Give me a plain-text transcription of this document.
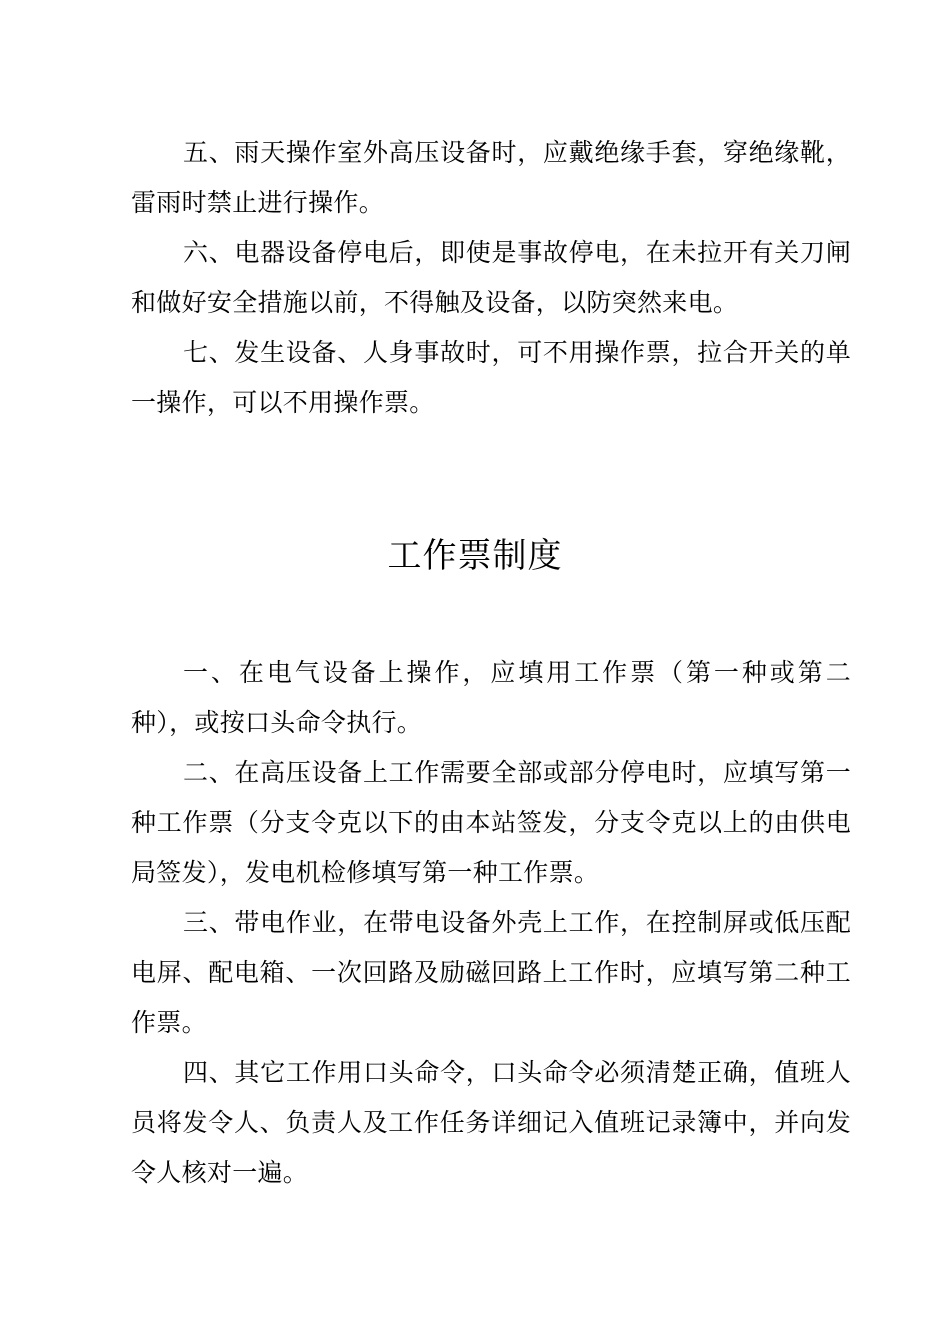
五、雨天操作室外高压设备时，应戴绝缘手套，穿绝缘靴，雷雨时禁止进行操作。

六、电器设备停电后，即使是事故停电，在未拉开有关刀闸和做好安全措施以前，不得触及设备，以防突然来电。

七、发生设备、人身事故时，可不用操作票，拉合开关的单一操作，可以不用操作票。

工作票制度

一、在电气设备上操作，应填用工作票（第一种或第二种），或按口头命令执行。

二、在高压设备上工作需要全部或部分停电时，应填写第一种工作票（分支令克以下的由本站签发，分支令克以上的由供电局签发），发电机检修填写第一种工作票。

三、带电作业，在带电设备外壳上工作，在控制屏或低压配电屏、配电箱、一次回路及励磁回路上工作时，应填写第二种工作票。

四、其它工作用口头命令，口头命令必须清楚正确，值班人员将发令人、负责人及工作任务详细记入值班记录簿中，并向发令人核对一遍。
